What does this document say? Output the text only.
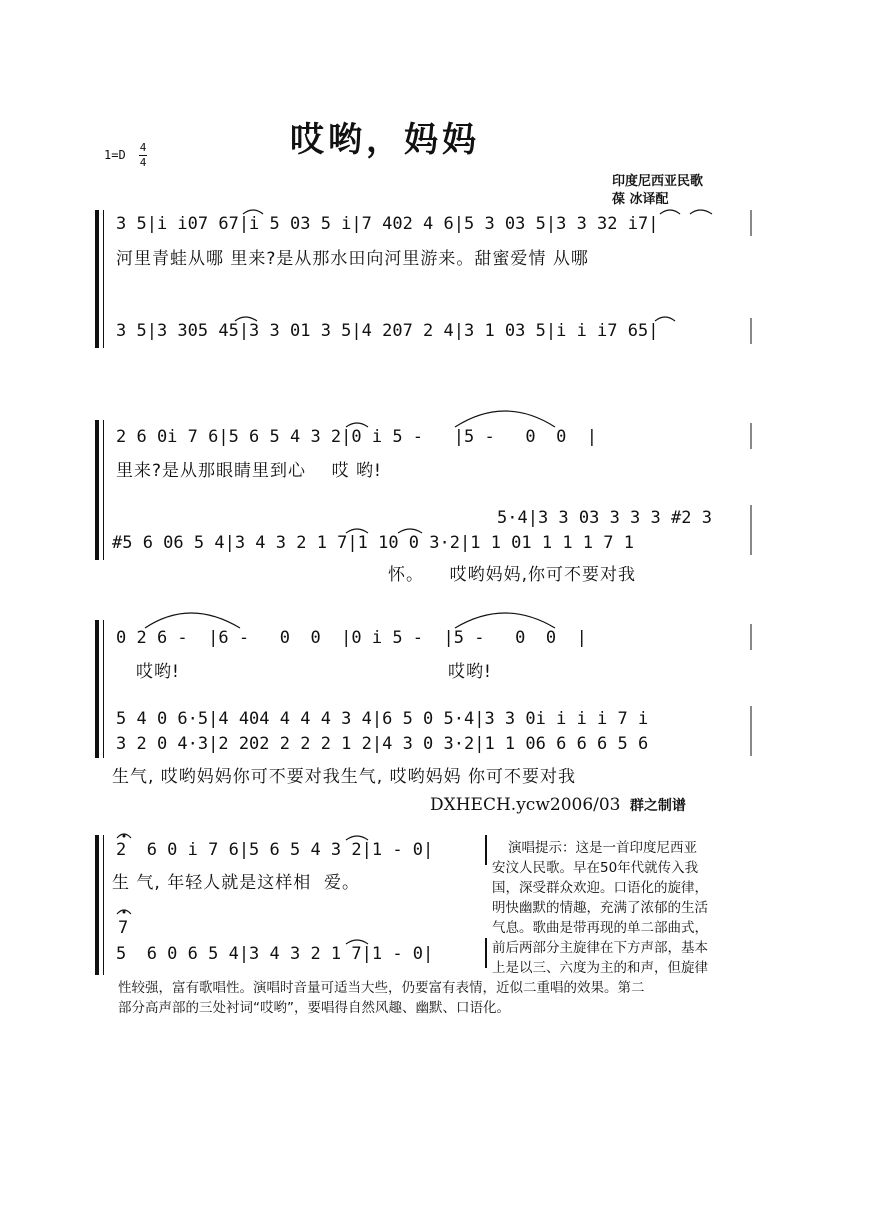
哎哟，妈妈
1=D
4
4
印度尼西亚民歌
葆 冰译配
3 5|i i07 67|i 5 03 5 i|7 402 4 6|5 3 03 5|3 3 32 i7|
河里青蛙从哪 里来?是从那水田向河里游来。甜蜜爱情 从哪
3 5|3 305 45|3 3 01 3 5|4 207 2 4|3 1 03 5|i i i7 65|
2 6 0i 7 6|5 6 5 4 3 2|0 i 5 -   |5 -   0  0  |
里来?是从那眼睛里到心    哎 哟!
5·4|3 3 03 3 3 3 #2 3
#5 6 06 5 4|3 4 3 2 1 7|1 10 0 3·2|1 1 01 1 1 1 7 1
怀。    哎哟妈妈,你可不要对我
0 2 6 -  |6 -   0  0  |0 i 5 -  |5 -   0  0  |
哎哟!	哎哟!
5 4 0 6·5|4 404 4 4 4 3 4|6 5 0 5·4|3 3 0i i i i 7 i
3 2 0 4·3|2 202 2 2 2 1 2|4 3 0 3·2|1 1 06 6 6 6 5 6
生气, 哎哟妈妈你可不要对我生气, 哎哟妈妈 你可不要对我
DXHECH.ycw2006/03 群之制谱
2  6 0 i 7 6|5 6 5 4 3 2|1 - 0|
生 气, 年轻人就是这样相  爱。
7
5  6 0 6 5 4|3 4 3 2 1 7|1 - 0|
演唱提示：这是一首印度尼西亚
安汶人民歌。早在50年代就传入我
国，深受群众欢迎。口语化的旋律，
明快幽默的情趣，充满了浓郁的生活
气息。歌曲是带再现的单二部曲式，
前后两部分主旋律在下方声部，基本
上是以三、六度为主的和声，但旋律
性较强，富有歌唱性。演唱时音量可适当大些，仍要富有表情，近似二重唱的效果。第二
部分高声部的三处衬词“哎哟”，要唱得自然风趣、幽默、口语化。
